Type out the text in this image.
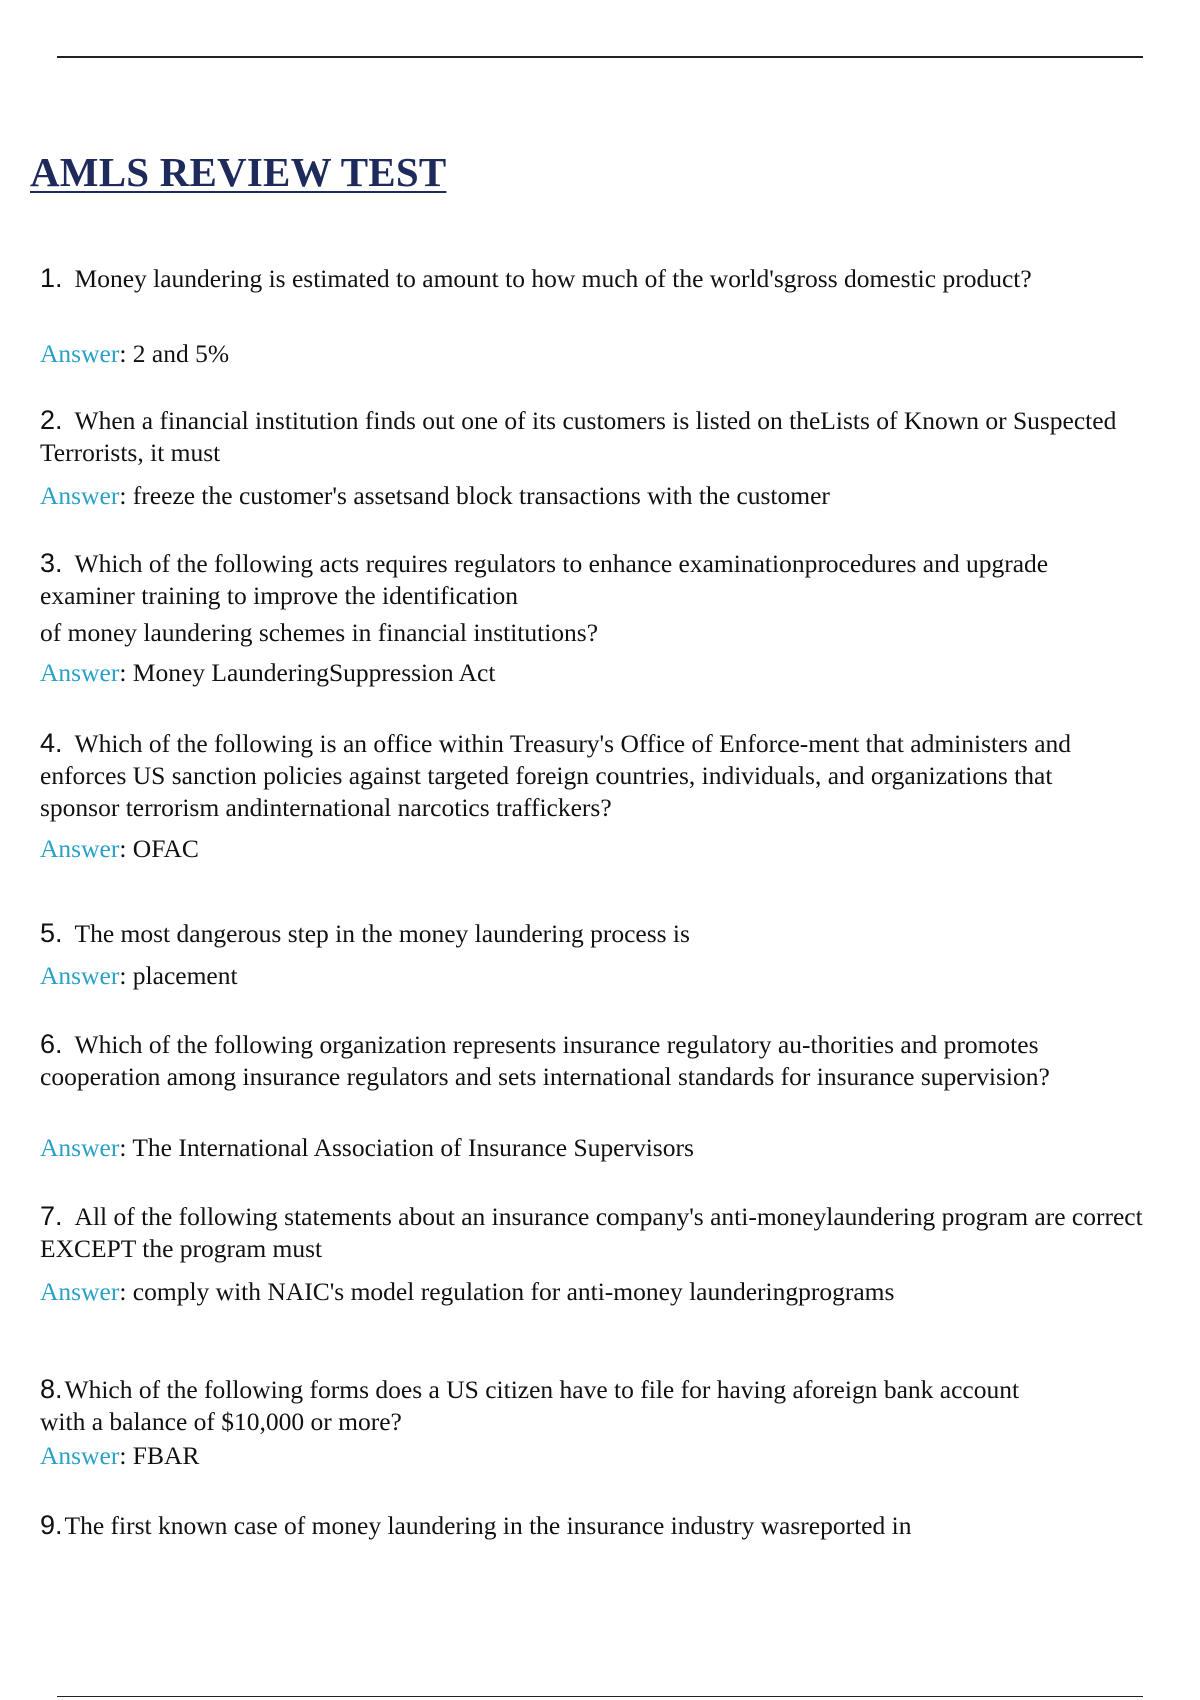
AMLS REVIEW TEST
1. Money laundering is estimated to amount to how much of the world'sgross domestic product?
Answer: 2 and 5%
2. When a financial institution finds out one of its customers is listed on theLists of Known or Suspected Terrorists, it must
Answer: freeze the customer's assetsand block transactions with the customer
3. Which of the following acts requires regulators to enhance examinationprocedures and upgrade examiner training to improve the identification
of money laundering schemes in financial institutions?
Answer: Money LaunderingSuppression Act
4. Which of the following is an office within Treasury's Office of Enforce-ment that administers and enforces US sanction policies against targeted foreign countries, individuals, and organizations that sponsor terrorism andinternational narcotics traffickers?
Answer: OFAC
5. The most dangerous step in the money laundering process is
Answer: placement
6. Which of the following organization represents insurance regulatory au-thorities and promotes cooperation among insurance regulators and sets international standards for insurance supervision?
Answer: The International Association of Insurance Supervisors
7. All of the following statements about an insurance company's anti-moneylaundering program are correct EXCEPT the program must
Answer: comply with NAIC's model regulation for anti-money launderingprograms
8.Which of the following forms does a US citizen have to file for having aforeign bank account with a balance of $10,000 or more?
Answer: FBAR
9.The first known case of money laundering in the insurance industry wasreported in
